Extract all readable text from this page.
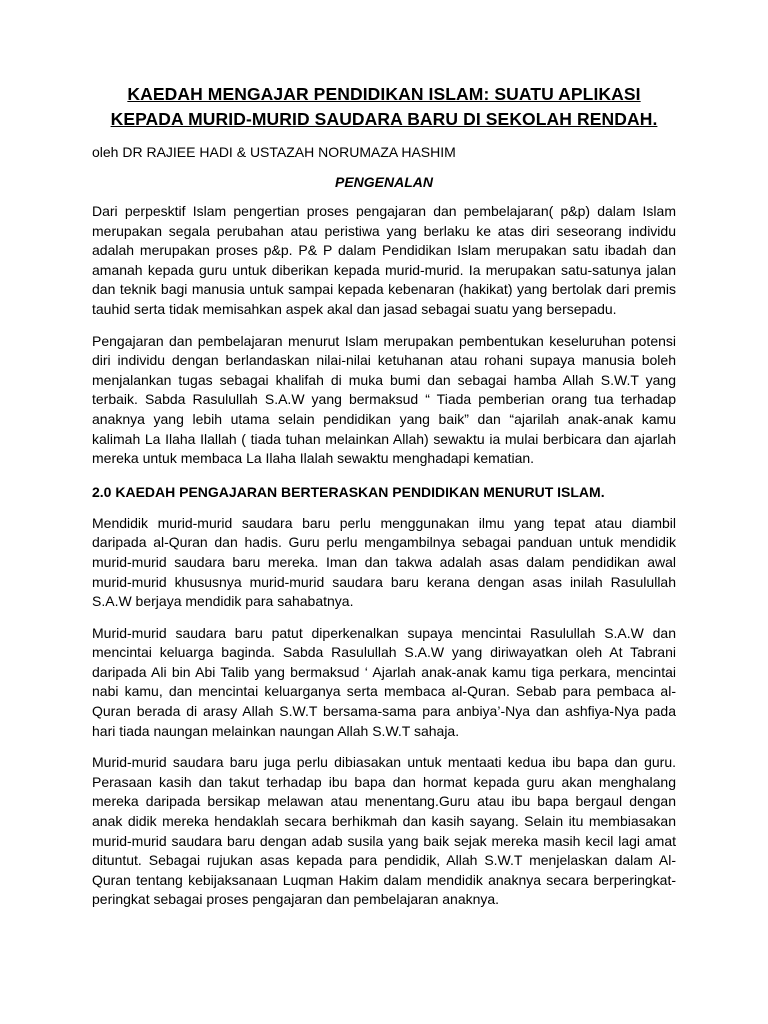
KAEDAH MENGAJAR PENDIDIKAN ISLAM: SUATU APLIKASI
KEPADA MURID-MURID SAUDARA BARU DI SEKOLAH RENDAH.

oleh DR RAJIEE HADI & USTAZAH NORUMAZA HASHIM

PENGENALAN

Dari perpesktif Islam pengertian proses pengajaran dan pembelajaran( p&p) dalam Islam merupakan segala perubahan atau peristiwa yang berlaku ke atas diri seseorang individu adalah merupakan proses p&p. P& P dalam Pendidikan Islam merupakan satu ibadah dan amanah kepada guru untuk diberikan kepada murid-murid. Ia merupakan satu-satunya jalan dan teknik bagi manusia untuk sampai kepada kebenaran (hakikat) yang bertolak dari premis tauhid serta tidak memisahkan aspek akal dan jasad sebagai suatu yang bersepadu.

Pengajaran dan pembelajaran menurut Islam merupakan pembentukan keseluruhan potensi diri individu dengan berlandaskan nilai-nilai ketuhanan atau rohani supaya manusia boleh menjalankan tugas sebagai khalifah di muka bumi dan sebagai hamba Allah S.W.T yang terbaik. Sabda Rasulullah S.A.W yang bermaksud “ Tiada pemberian orang tua terhadap anaknya yang lebih utama selain pendidikan yang baik” dan “ajarilah anak-anak kamu kalimah La Ilaha Ilallah ( tiada tuhan melainkan Allah) sewaktu ia mulai berbicara dan ajarlah mereka untuk membaca La Ilaha Ilalah sewaktu menghadapi kematian.

2.0 KAEDAH PENGAJARAN BERTERASKAN PENDIDIKAN MENURUT ISLAM.

Mendidik murid-murid saudara baru perlu menggunakan ilmu yang tepat atau diambil daripada al-Quran dan hadis. Guru perlu mengambilnya sebagai panduan untuk mendidik murid-murid saudara baru mereka. Iman dan takwa adalah asas dalam pendidikan awal murid-murid khususnya murid-murid saudara baru kerana dengan asas inilah Rasulullah S.A.W berjaya mendidik para sahabatnya.

Murid-murid saudara baru patut diperkenalkan supaya mencintai Rasulullah S.A.W dan mencintai keluarga baginda. Sabda Rasulullah S.A.W yang diriwayatkan oleh At Tabrani daripada Ali bin Abi Talib yang bermaksud ‘ Ajarlah anak-anak kamu tiga perkara, mencintai nabi kamu, dan mencintai keluarganya serta membaca al-Quran. Sebab para pembaca al-Quran berada di arasy Allah S.W.T bersama-sama para anbiya’-Nya dan ashfiya-Nya pada hari tiada naungan melainkan naungan Allah S.W.T sahaja.

Murid-murid saudara baru juga perlu dibiasakan untuk mentaati kedua ibu bapa dan guru. Perasaan kasih dan takut terhadap ibu bapa dan hormat kepada guru akan menghalang mereka daripada bersikap melawan atau menentang.Guru atau ibu bapa bergaul dengan anak didik mereka hendaklah secara berhikmah dan kasih sayang. Selain itu membiasakan murid-murid saudara baru dengan adab susila yang baik sejak mereka masih kecil lagi amat dituntut. Sebagai rujukan asas kepada para pendidik, Allah S.W.T menjelaskan dalam Al-Quran tentang kebijaksanaan Luqman Hakim dalam mendidik anaknya secara berperingkat-peringkat sebagai proses pengajaran dan pembelajaran anaknya.
